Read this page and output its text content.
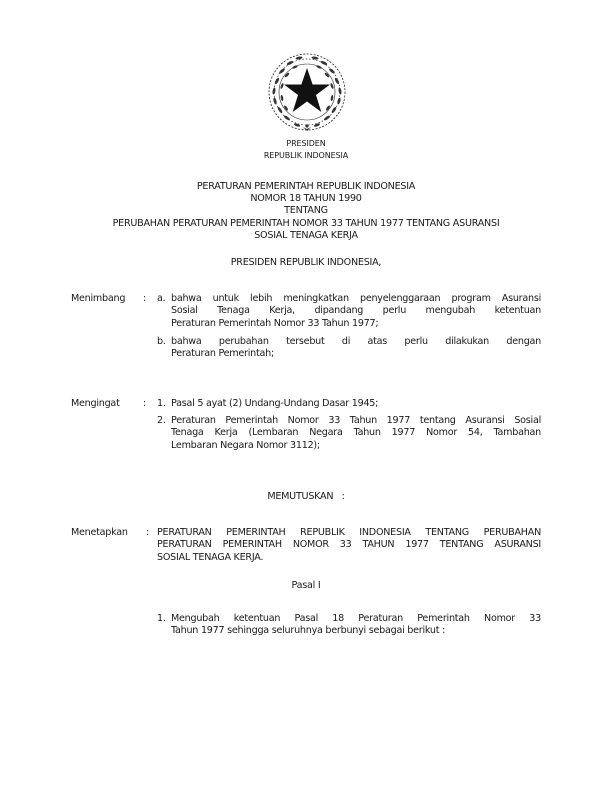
PRESIDEN
REPUBLIK INDONESIA
PERATURAN PEMERINTAH REPUBLIK INDONESIA
NOMOR 18 TAHUN 1990
TENTANG
PERUBAHAN PERATURAN PEMERINTAH NOMOR 33 TAHUN 1977 TENTANG ASURANSI
SOSIAL TENAGA KERJA
PRESIDEN REPUBLIK INDONESIA,
Menimbang : a. bahwa untuk lebih meningkatkan penyelenggaraan program Asuransi
Sosial Tenaga Kerja, dipandang perlu mengubah ketentuan
Peraturan Pemerintah Nomor 33 Tahun 1977;
b. bahwa perubahan tersebut di atas perlu dilakukan dengan
Peraturan Pemerintah;
Mengingat : 1. Pasal 5 ayat (2) Undang-Undang Dasar 1945;
2. Peraturan Pemerintah Nomor 33 Tahun 1977 tentang Asuransi Sosial
Tenaga Kerja (Lembaran Negara Tahun 1977 Nomor 54, Tambahan
Lembaran Negara Nomor 3112);
MEMUTUSKAN   :
Menetapkan : PERATURAN PEMERINTAH REPUBLIK INDONESIA TENTANG PERUBAHAN
PERATURAN PEMERINTAH NOMOR 33 TAHUN 1977 TENTANG ASURANSI
SOSIAL TENAGA KERJA.
Pasal I
1. Mengubah ketentuan Pasal 18 Peraturan Pemerintah Nomor 33
Tahun 1977 sehingga seluruhnya berbunyi sebagai berikut :
